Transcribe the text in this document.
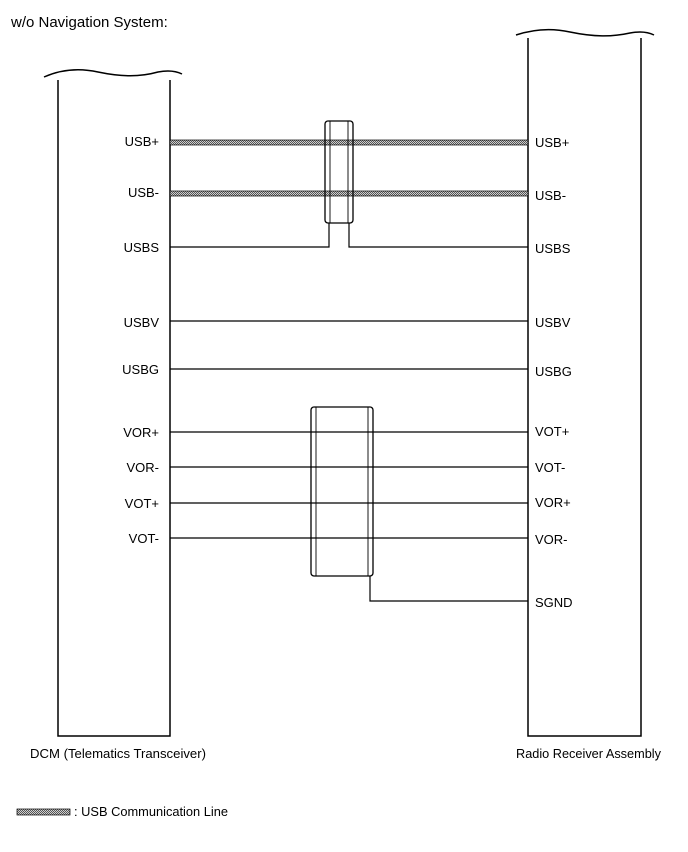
w/o Navigation System:
USB+
USB-
USBS
USBV
USBG
VOR+
VOR-
VOT+
VOT-
USB+
USB-
USBS
USBV
USBG
VOT+
VOT-
VOR+
VOR-
SGND
DCM (Telematics Transceiver)	Radio Receiver Assembly
: USB Communication Line
